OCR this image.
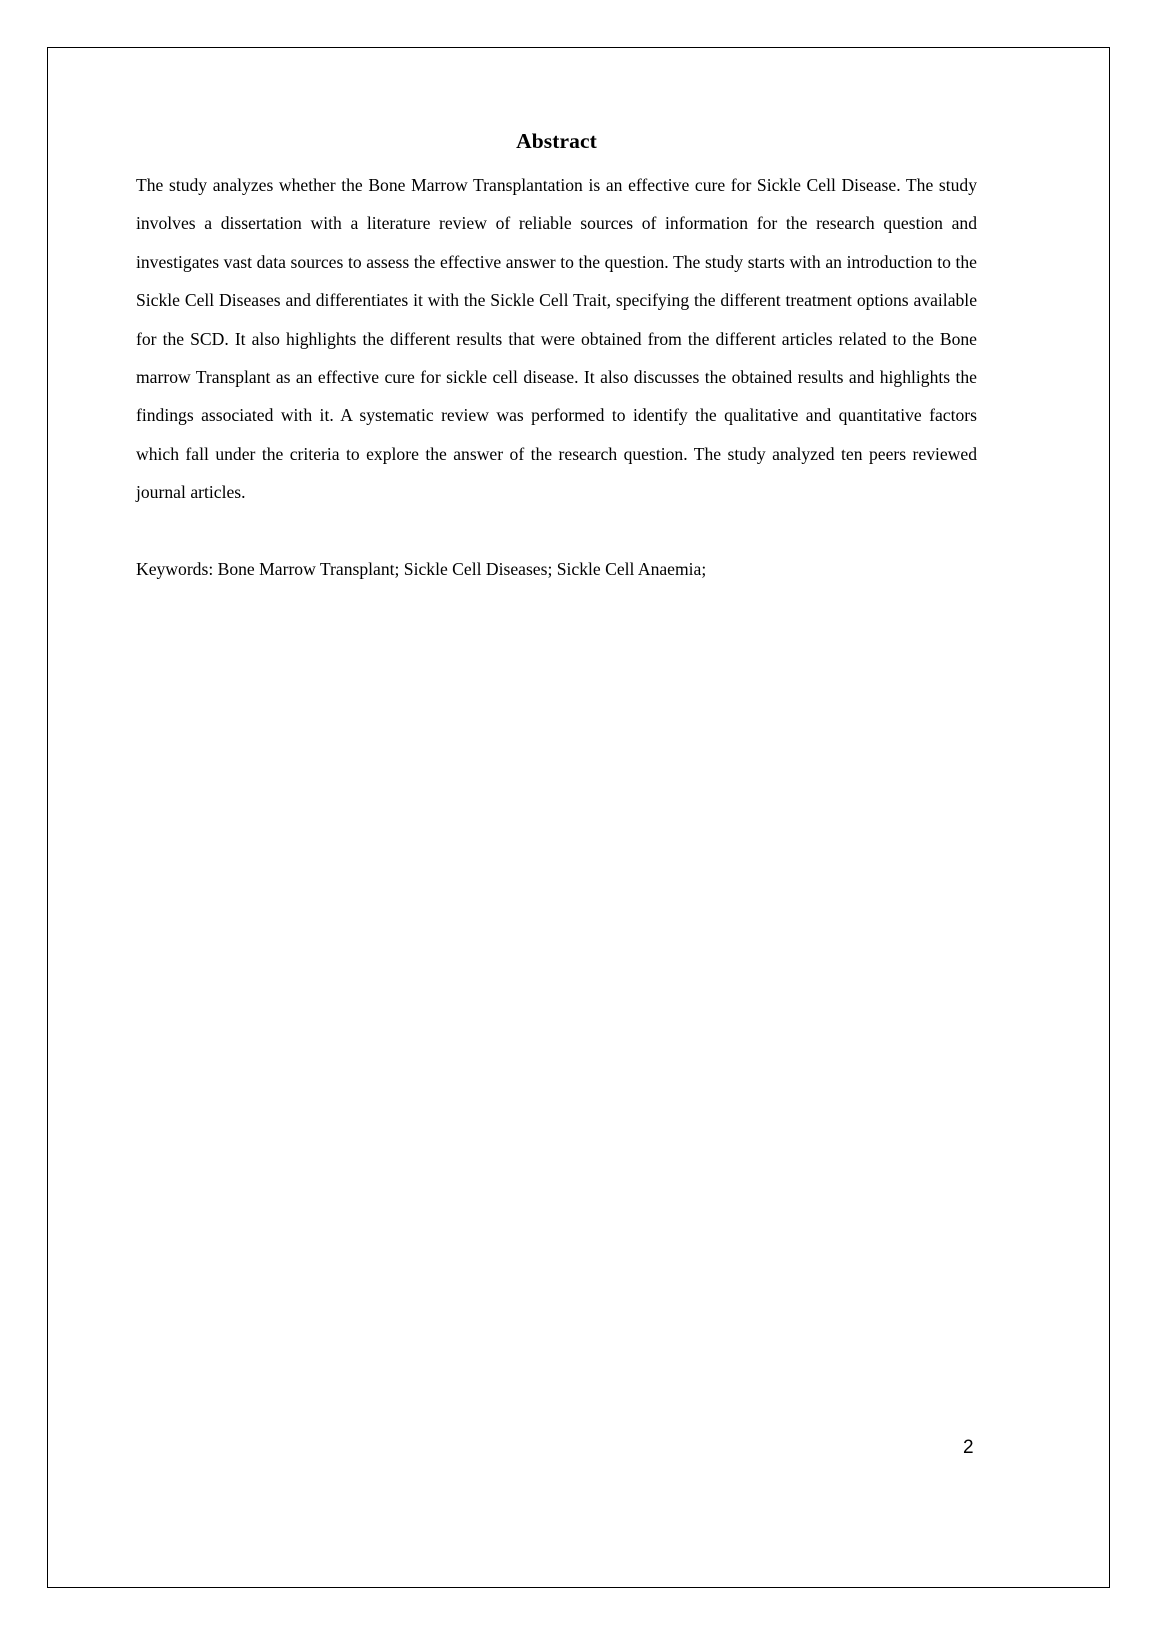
Abstract

The study analyzes whether the Bone Marrow Transplantation is an effective cure for Sickle Cell Disease. The study involves a dissertation with a literature review of reliable sources of information for the research question and investigates vast data sources to assess the effective answer to the question. The study starts with an introduction to the Sickle Cell Diseases and differentiates it with the Sickle Cell Trait, specifying the different treatment options available for the SCD. It also highlights the different results that were obtained from the different articles related to the Bone marrow Transplant as an effective cure for sickle cell disease. It also discusses the obtained results and highlights the findings associated with it. A systematic review was performed to identify the qualitative and quantitative factors which fall under the criteria to explore the answer of the research question. The study analyzed ten peers reviewed journal articles.

Keywords: Bone Marrow Transplant; Sickle Cell Diseases; Sickle Cell Anaemia;

2
